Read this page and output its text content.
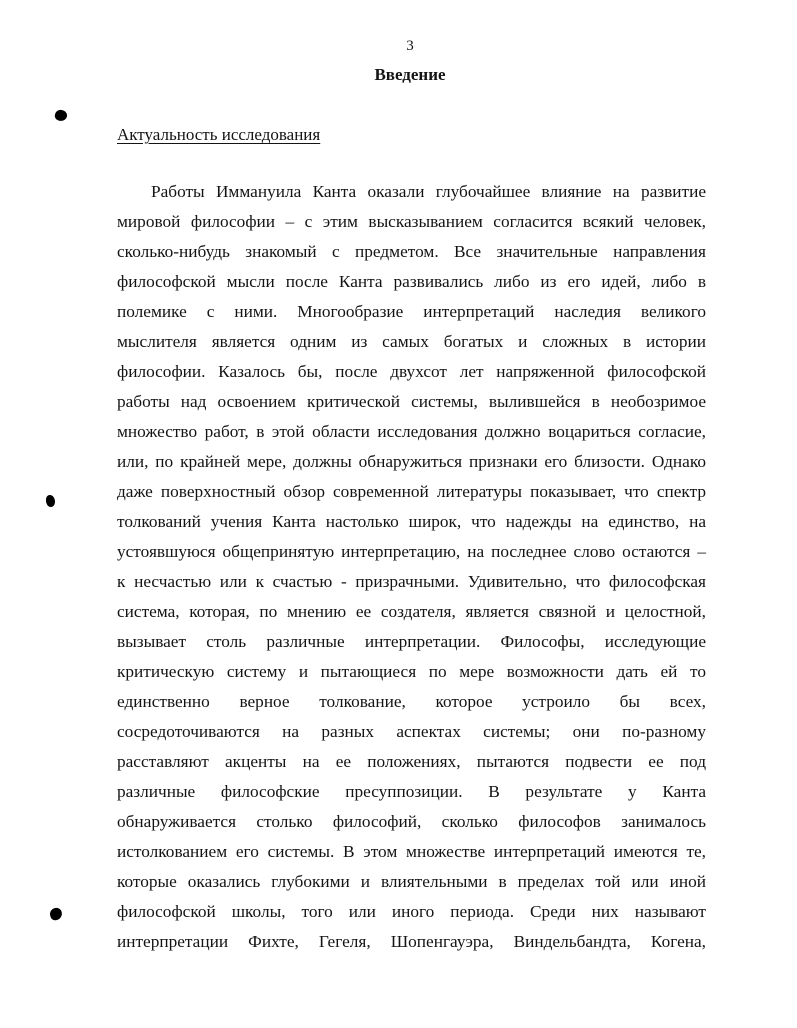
3
Введение
Актуальность исследования
Работы Иммануила Канта оказали глубочайшее влияние на развитие
мировой философии – с этим высказыванием согласится всякий человек,
сколько-нибудь знакомый с предметом. Все значительные направления
философской мысли после Канта развивались либо из его идей, либо в
полемике с ними. Многообразие интерпретаций наследия великого
мыслителя является одним из самых богатых и сложных в истории
философии. Казалось бы, после двухсот лет напряженной философской
работы над освоением критической системы, вылившейся в необозримое
множество работ, в этой области исследования должно воцариться согласие,
или, по крайней мере, должны обнаружиться признаки его близости. Однако
даже поверхностный обзор современной литературы показывает, что спектр
толкований учения Канта настолько широк, что надежды на единство, на
устоявшуюся общепринятую интерпретацию, на последнее слово остаются –
к несчастью или к счастью - призрачными. Удивительно, что философская
система, которая, по мнению ее создателя, является связной и целостной,
вызывает столь различные интерпретации. Философы, исследующие
критическую систему и пытающиеся по мере возможности дать ей то
единственно верное толкование, которое устроило бы всех,
сосредоточиваются на разных аспектах системы; они по-разному
расставляют акценты на ее положениях, пытаются подвести ее под
различные философские пресуппозиции. В результате у Канта
обнаруживается столько философий, сколько философов занималось
истолкованием его системы. В этом множестве интерпретаций имеются те,
которые оказались глубокими и влиятельными в пределах той или иной
философской школы, того или иного периода. Среди них называют
интерпретации Фихте, Гегеля, Шопенгауэра, Виндельбандта, Когена,
